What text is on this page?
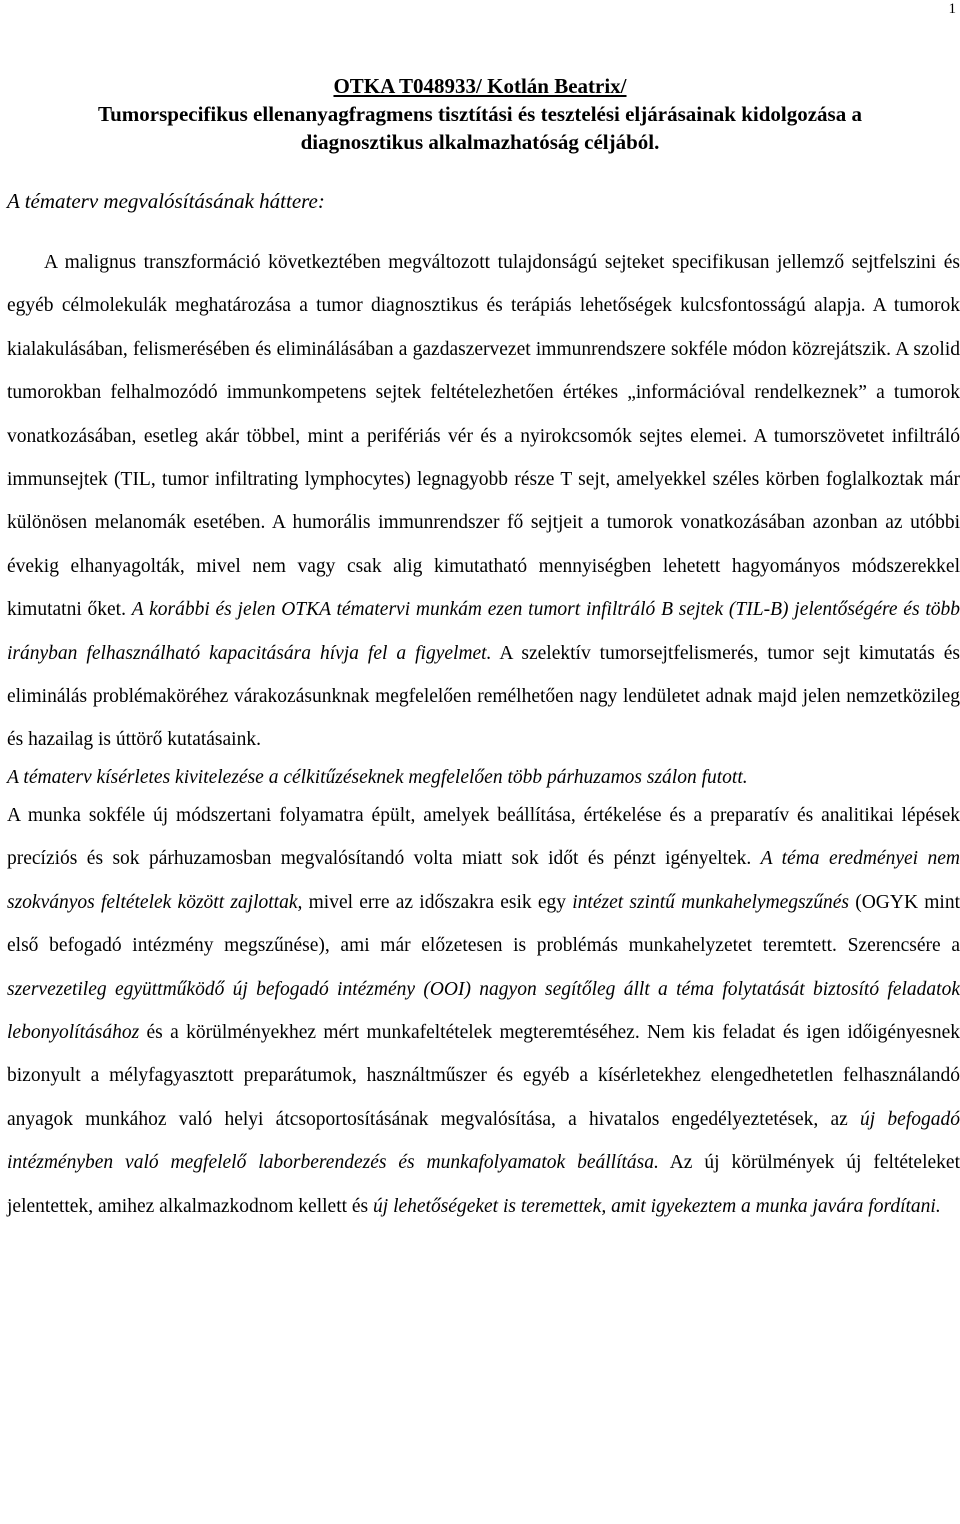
1
OTKA T048933/ Kotlán Beatrix/
Tumorspecifikus ellenanyagfragmens tisztítási és tesztelési eljárásainak kidolgozása a
diagnosztikus alkalmazhatóság céljából.
A tématerv megvalósításának háttere:

A malignus transzformáció következtében megváltozott tulajdonságú sejteket specifikusan jellemző sejtfelszini és egyéb célmolekulák meghatározása a tumor diagnosztikus és terápiás lehetőségek kulcsfontosságú alapja. A tumorok kialakulásában, felismerésében és eliminálásában a gazdaszervezet immunrendszere sokféle módon közrejátszik. A szolid tumorokban felhalmozódó immunkompetens sejtek feltételezhetően értékes „információval rendelkeznek” a tumorok vonatkozásában, esetleg akár többel, mint a perifériás vér és a nyirokcsomók sejtes elemei. A tumorszövetet infiltráló immunsejtek (TIL, tumor infiltrating lymphocytes) legnagyobb része T sejt, amelyekkel széles körben foglalkoztak már különösen melanomák esetében. A humorális immunrendszer fő sejtjeit a tumorok vonatkozásában azonban az utóbbi évekig elhanyagolták, mivel nem vagy csak alig kimutatható mennyiségben lehetett hagyományos módszerekkel kimutatni őket. A korábbi és jelen OTKA tématervi munkám ezen tumort infiltráló B sejtek (TIL-B) jelentőségére és több irányban felhasználható kapacitására hívja fel a figyelmet. A szelektív tumorsejtfelismerés, tumor sejt kimutatás és eliminálás problémaköréhez várakozásunknak megfelelően remélhetően nagy lendületet adnak majd jelen nemzetközileg és hazailag is úttörő kutatásaink.

A tématerv kísérletes kivitelezése a célkitűzéseknek megfelelően több párhuzamos szálon futott.

A munka sokféle új módszertani folyamatra épült, amelyek beállítása, értékelése és a preparatív és analitikai lépések precíziós és sok párhuzamosban megvalósítandó volta miatt sok időt és pénzt igényeltek. A téma eredményei nem szokványos feltételek között zajlottak, mivel erre az időszakra esik egy intézet szintű munkahelymegszűnés (OGYK mint első befogadó intézmény megszűnése), ami már előzetesen is problémás munkahelyzetet teremtett. Szerencsére a szervezetileg együttműködő új befogadó intézmény (OOI) nagyon segítőleg állt a téma folytatását biztosító feladatok lebonyolításához és a körülményekhez mért munkafeltételek megteremtéséhez. Nem kis feladat és igen időigényesnek bizonyult a mélyfagyasztott preparátumok, használtműszer és egyéb a kísérletekhez elengedhetetlen felhasználandó anyagok munkához való helyi átcsoportosításának megvalósítása, a hivatalos engedélyeztetések, az új befogadó intézményben való megfelelő laborberendezés és munkafolyamatok beállítása. Az új körülmények új feltételeket jelentettek, amihez alkalmazkodnom kellett és új lehetőségeket is teremettek, amit igyekeztem a munka javára fordítani.
